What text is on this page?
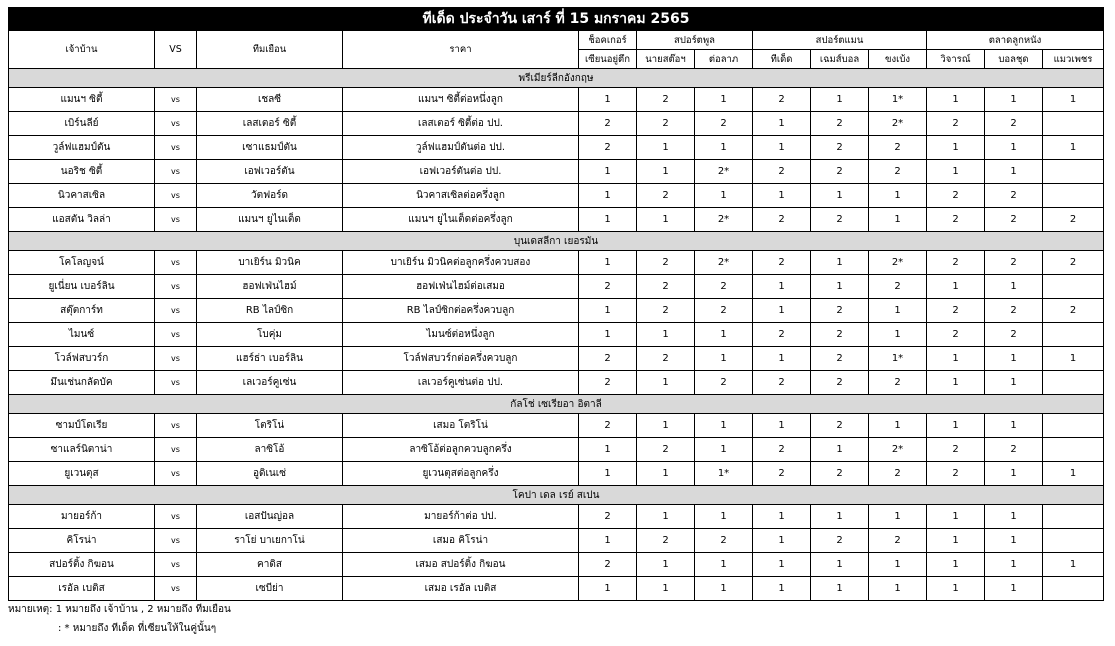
ทีเด็ด ประจำวัน เสาร์ ที่ 15 มกราคม 2565												
เจ้าบ้าน	VS	ทีมเยือน	ราคา	ช็อคเกอร์	สปอร์ตพูล		สปอร์ตแมน			ตลาดลูกหนัง		
				เซียนอยู่ตึก	นายสต๊อฯ	ต่อลาภ	ทีเด็ด	เฉมส์บอล	ขงเบ้ง	วิจารณ์	บอลชุด	แมวเพชร
พรีเมียร์ลีกอังกฤษ												
แมนฯ ซิตี้	vs	เชลซี	แมนฯ ซิตี้ต่อหนึ่งลูก	1	2	1	2	1	1*	1	1	1
เบิร์นลีย์	vs	เลสเตอร์ ซิตี้	เลสเตอร์ ซิตี้ต่อ ปป.	2	2	2	1	2	2*	2	2	
วูล์ฟแฮมป์ตัน	vs	เซาแธมป์ตัน	วูล์ฟแฮมป์ตันต่อ ปป.	2	1	1	1	2	2	1	1	1
นอริช ซิตี้	vs	เอฟเวอร์ตัน	เอฟเวอร์ตันต่อ ปป.	1	1	2*	2	2	2	1	1	
นิวคาสเซิล	vs	วัตฟอร์ด	นิวคาสเซิลต่อครึ่งลูก	1	2	1	1	1	1	2	2	
แอสตัน วิลล่า	vs	แมนฯ ยูไนเต็ด	แมนฯ ยูไนเต็ดต่อครึ่งลูก	1	1	2*	2	2	1	2	2	2
บุนเดสลีกา เยอรมัน												
โคโลญจน์	vs	บาเยิร์น มิวนิค	บาเยิร์น มิวนิคต่อลูกครึ่งควบสอง	1	2	2*	2	1	2*	2	2	2
ยูเนี่ยน เบอร์ลิน	vs	ฮอฟเฟ่นไฮม์	ฮอฟเฟ่นไฮม์ต่อเสมอ	2	2	2	1	1	2	1	1	
สตุ๊ตการ์ท	vs	RB ไลป์ซิก	RB ไลป์ซิกต่อครึ่งควบลูก	1	2	2	1	2	1	2	2	2
ไมนซ์	vs	โบคุ่ม	ไมนซ์ต่อหนึ่งลูก	1	1	1	2	2	1	2	2	
โวล์ฟสบวร์ก	vs	แฮร์ธ่า เบอร์ลิน	โวล์ฟสบวร์กต่อครึ่งควบลูก	2	2	1	1	2	1*	1	1	1
มึนเช่นกลัดบัค	vs	เลเวอร์คูเซ่น	เลเวอร์คูเซ่นต่อ ปป.	2	1	2	2	2	2	1	1	
กัลโช่ เซเรียอา อิตาลี												
ซามป์โดเรีย	vs	โตริโน่	เสมอ โตริโน่	2	1	1	1	2	1	1	1	
ซาแลร์นิตาน่า	vs	ลาซิโอ้	ลาซิโอ้ต่อลูกควบลูกครึ่ง	1	2	1	2	1	2*	2	2	
ยูเวนตุส	vs	อูดิเนเซ่	ยูเวนตุสต่อลูกครึ่ง	1	1	1*	2	2	2	2	1	1
โคปา เดล เรย์ สเปน												
มายอร์ก้า	vs	เอสปันญ่อล	มายอร์ก้าต่อ ปป.	2	1	1	1	1	1	1	1	
คิโรน่า	vs	ราโย่ บาเยกาโน่	เสมอ คิโรน่า	1	2	2	1	2	2	1	1	
สปอร์ติ้ง กิฆอน	vs	คาดิส	เสมอ สปอร์ติ้ง กิฆอน	2	1	1	1	1	1	1	1	1
เรอัล เบติส	vs	เซบีย่า	เสมอ เรอัล เบติส	1	1	1	1	1	1	1	1	
หมายเหตุ: 1 หมายถึง เจ้าบ้าน , 2 หมายถึง ทีมเยือน
: * หมายถึง ทีเด็ด ที่เซียนให้ในคู่นั้นๆ
